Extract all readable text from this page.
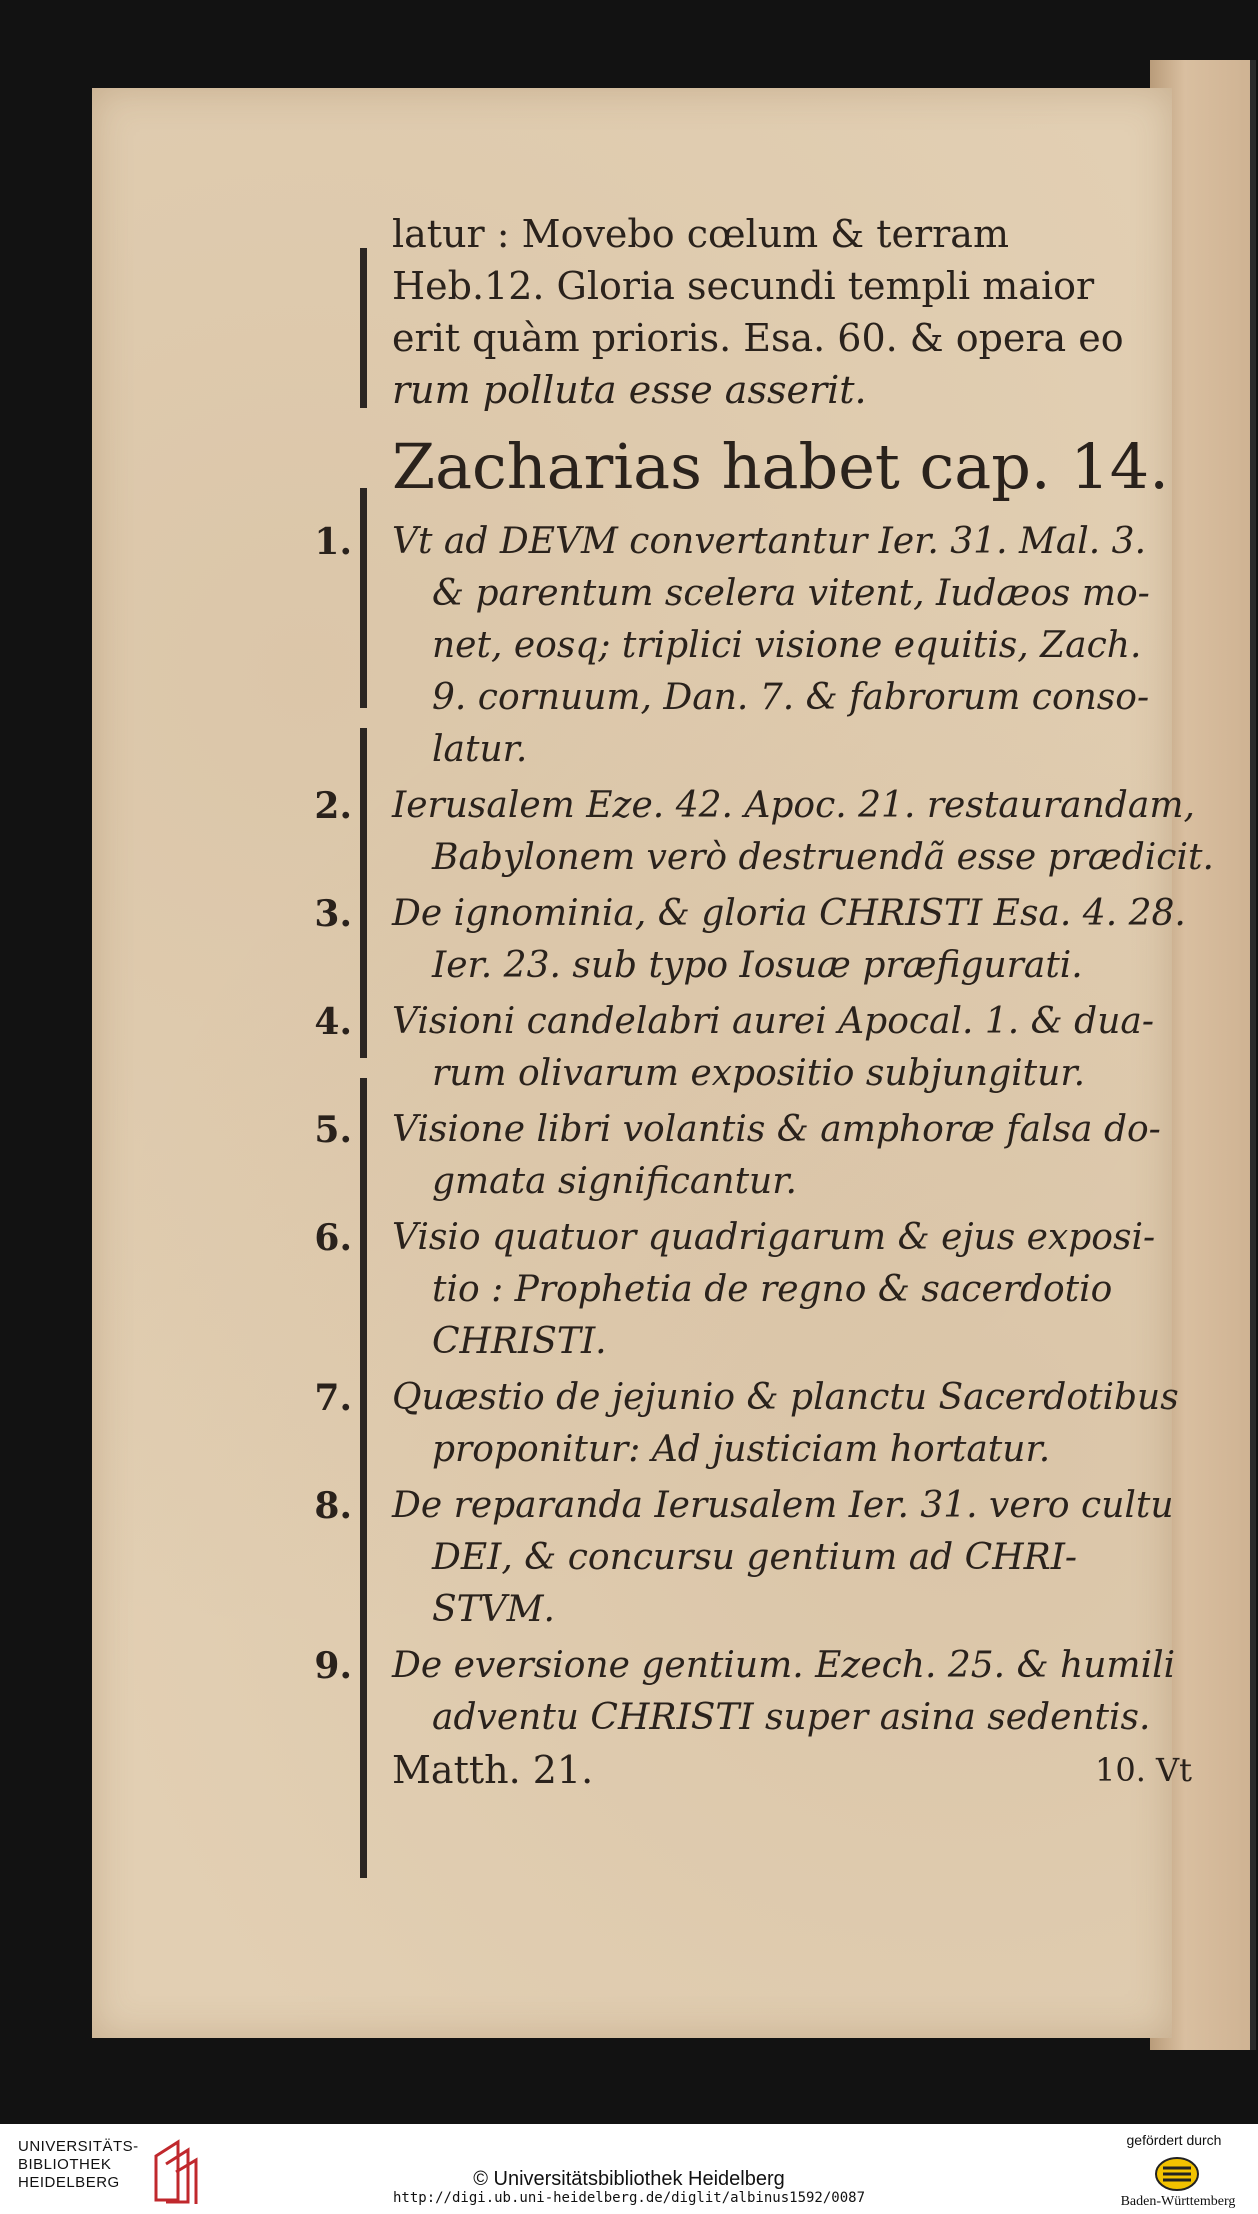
latur : Movebo cœlum & terram
Heb.12. Gloria secundi templi maior
erit quàm prioris. Esa. 60. & opera eo
rum polluta esse asserit.
Zacharias habet cap. 14.
1. Vt ad DEVM convertantur Ier. 31. Mal. 3.
& parentum scelera vitent, Iudæos mo-
net, eosq; triplici visione equitis, Zach.
9. cornuum, Dan. 7. & fabrorum conso-
latur.
2. Ierusalem Eze. 42. Apoc. 21. restaurandam,
Babylonem verò destruendã esse prædicit.
3. De ignominia, & gloria CHRISTI Esa. 4. 28.
Ier. 23. sub typo Iosuæ præfigurati.
4. Visioni candelabri aurei Apocal. 1. & dua-
rum olivarum expositio subjungitur.
5. Visione libri volantis & amphoræ falsa do-
gmata significantur.
6. Visio quatuor quadrigarum & ejus exposi-
tio : Prophetia de regno & sacerdotio
CHRISTI.
7. Quæstio de jejunio & planctu Sacerdotibus
proponitur: Ad justiciam hortatur.
8. De reparanda Ierusalem Ier. 31. vero cultu
DEI, & concursu gentium ad CHRI-
STVM.
9. De eversione gentium. Ezech. 25. & humili
adventu CHRISTI super asina sedentis.
Matth. 21.	10. Vt
UNIVERSITÄTS-
BIBLIOTHEK
HEIDELBERG	© Universitätsbibliothek Heidelberg
http://digi.ub.uni-heidelberg.de/diglit/albinus1592/0087
gefördert durch
Baden-Württemberg
